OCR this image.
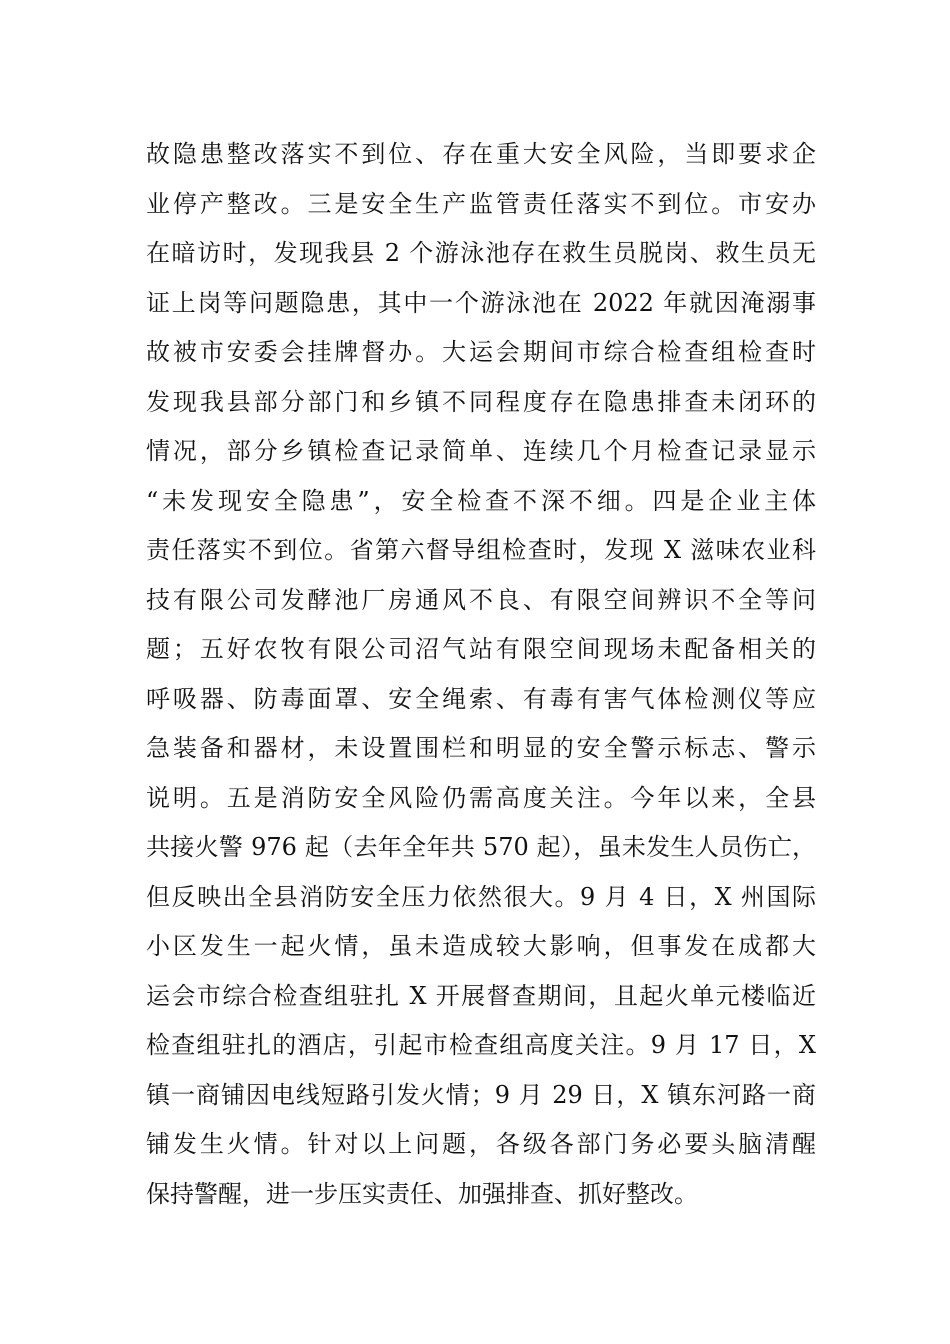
故隐患整改落实不到位、存在重大安全风险，当即要求企
业停产整改。三是安全生产监管责任落实不到位。市安办
在暗访时，发现我县 2 个游泳池存在救生员脱岗、救生员无
证上岗等问题隐患，其中一个游泳池在 2022 年就因淹溺事
故被市安委会挂牌督办。大运会期间市综合检查组检查时
发现我县部分部门和乡镇不同程度存在隐患排查未闭环的
情况，部分乡镇检查记录简单、连续几个月检查记录显示
“未发现安全隐患”，安全检查不深不细。四是企业主体
责任落实不到位。省第六督导组检查时，发现 X 滋味农业科
技有限公司发酵池厂房通风不良、有限空间辨识不全等问
题；五好农牧有限公司沼气站有限空间现场未配备相关的
呼吸器、防毒面罩、安全绳索、有毒有害气体检测仪等应
急装备和器材，未设置围栏和明显的安全警示标志、警示
说明。五是消防安全风险仍需高度关注。今年以来，全县
共接火警 976 起（去年全年共 570 起），虽未发生人员伤亡，
但反映出全县消防安全压力依然很大。9 月 4 日，X 州国际
小区发生一起火情，虽未造成较大影响，但事发在成都大
运会市综合检查组驻扎 X 开展督查期间，且起火单元楼临近
检查组驻扎的酒店，引起市检查组高度关注。9 月 17 日，X
镇一商铺因电线短路引发火情；9 月 29 日，X 镇东河路一商
铺发生火情。针对以上问题，各级各部门务必要头脑清醒
保持警醒，进一步压实责任、加强排查、抓好整改。
